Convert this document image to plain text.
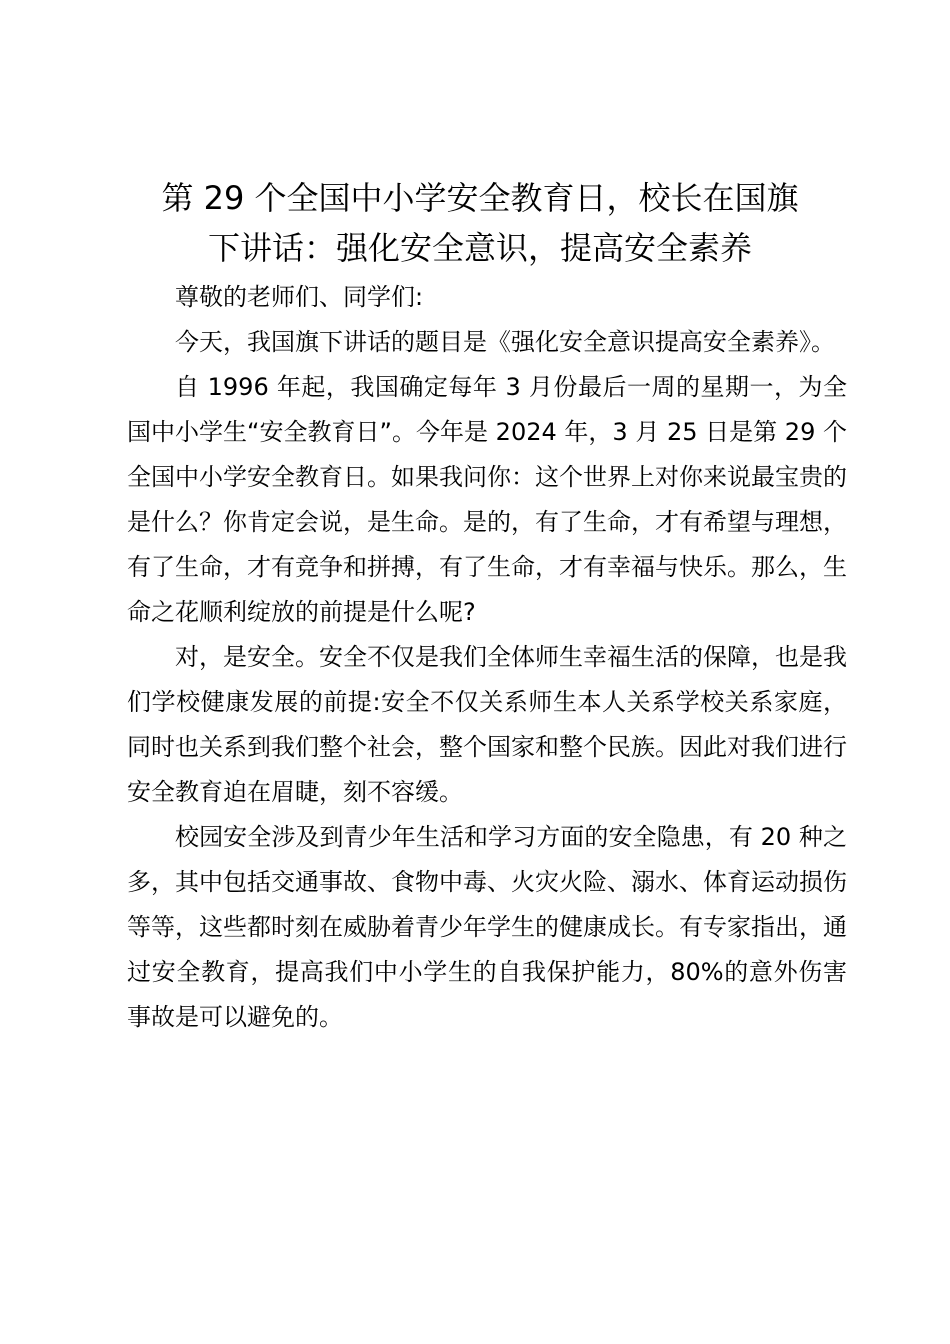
第 29 个全国中小学安全教育日，校长在国旗
下讲话：强化安全意识，提高安全素养

尊敬的老师们、同学们:

今天，我国旗下讲话的题目是《强化安全意识提高安全素养》。

自 1996 年起，我国确定每年 3 月份最后一周的星期一，为全国中小学生“安全教育日”。今年是 2024 年，3 月 25 日是第 29 个全国中小学安全教育日。如果我问你：这个世界上对你来说最宝贵的是什么？你肯定会说，是生命。是的，有了生命，才有希望与理想，有了生命，才有竞争和拼搏，有了生命，才有幸福与快乐。那么，生命之花顺利绽放的前提是什么呢?

对，是安全。安全不仅是我们全体师生幸福生活的保障，也是我们学校健康发展的前提:安全不仅关系师生本人关系学校关系家庭，同时也关系到我们整个社会，整个国家和整个民族。因此对我们进行安全教育迫在眉睫，刻不容缓。

校园安全涉及到青少年生活和学习方面的安全隐患，有 20 种之多，其中包括交通事故、食物中毒、火灾火险、溺水、体育运动损伤等等，这些都时刻在威胁着青少年学生的健康成长。有专家指出，通过安全教育，提高我们中小学生的自我保护能力，80%的意外伤害事故是可以避免的。
